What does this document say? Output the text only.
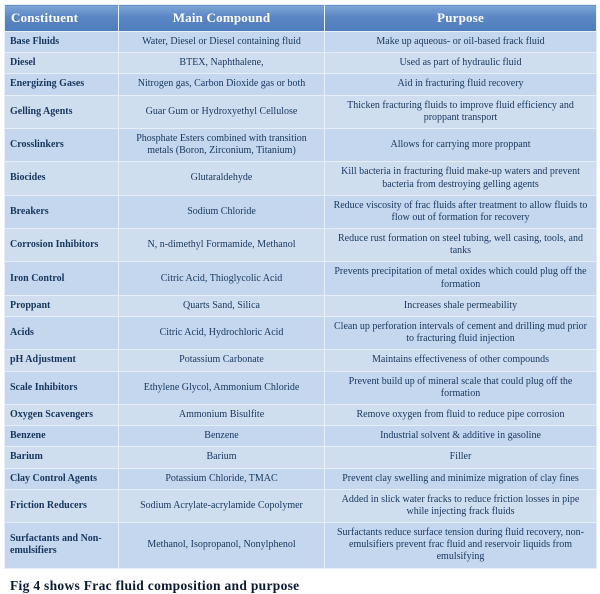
Constituent	Main Compound	Purpose
Base Fluids	Water, Diesel or Diesel containing fluid	Make up aqueous- or oil-based frack fluid
Diesel	BTEX, Naphthalene,	Used as part of hydraulic fluid
Energizing Gases	Nitrogen gas, Carbon Dioxide gas or both	Aid in fracturing fluid recovery
Gelling Agents	Guar Gum or Hydroxyethyl Cellulose	Thicken fracturing fluids to improve fluid efficiency and proppant transport
Crosslinkers	Phosphate Esters combined with transition metals (Boron, Zirconium, Titanium)	Allows for carrying more proppant
Biocides	Glutaraldehyde	Kill bacteria in fracturing fluid make-up waters and prevent bacteria from destroying gelling agents
Breakers	Sodium Chloride	Reduce viscosity of frac fluids after treatment to allow fluids to flow out of formation for recovery
Corrosion Inhibitors	N, n-dimethyl Formamide, Methanol	Reduce rust formation on steel tubing, well casing, tools, and tanks
Iron Control	Citric Acid, Thioglycolic Acid	Prevents precipitation of metal oxides which could plug off the formation
Proppant	Quarts Sand, Silica	Increases shale permeability
Acids	Citric Acid, Hydrochloric Acid	Clean up perforation intervals of cement and drilling mud prior to fracturing fluid injection
pH Adjustment	Potassium Carbonate	Maintains effectiveness of other compounds
Scale Inhibitors	Ethylene Glycol, Ammonium Chloride	Prevent build up of mineral scale that could plug off the formation
Oxygen Scavengers	Ammonium Bisulfite	Remove oxygen from fluid to reduce pipe corrosion
Benzene	Benzene	Industrial solvent & additive in gasoline
Barium	Barium	Filler
Clay Control Agents	Potassium Chloride, TMAC	Prevent clay swelling and minimize migration of clay fines
Friction Reducers	Sodium Acrylate-acrylamide Copolymer	Added in slick water fracks to reduce friction losses in pipe while injecting frack fluids
Surfactants and Non-emulsifiers	Methanol, Isopropanol, Nonylphenol	Surfactants reduce surface tension during fluid recovery, non-emulsifiers prevent frac fluid and reservoir liquids from emulsifying
Fig 4 shows Frac fluid composition and purpose
